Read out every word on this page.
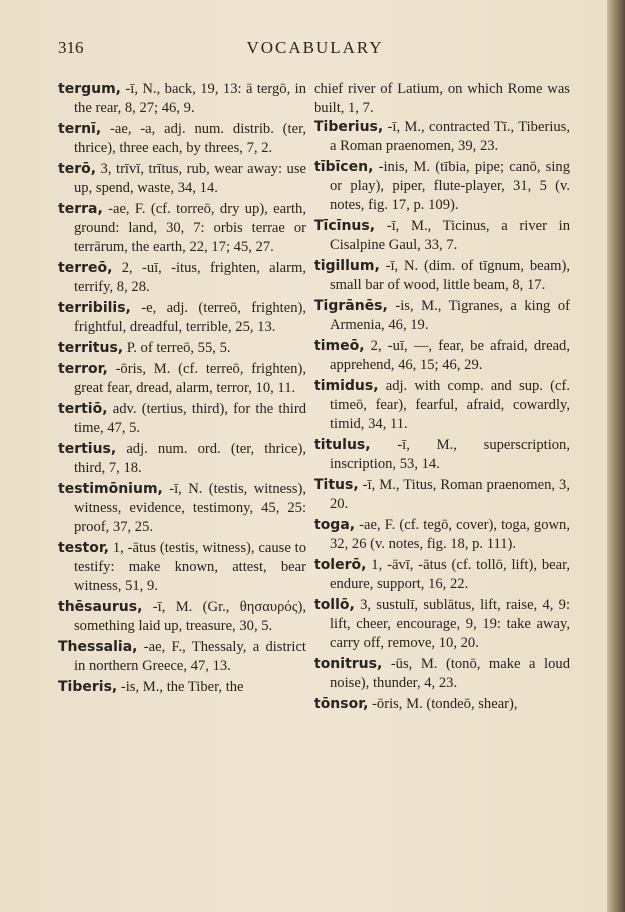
316	VOCABULARY
tergum, -ī, N., back, 19, 13: ā tergō, in the rear, 8, 27; 46, 9.
ternī, -ae, -a, adj. num. distrib. (ter, thrice), three each, by threes, 7, 2.
terō, 3, trīvī, trītus, rub, wear away: use up, spend, waste, 34, 14.
terra, -ae, F. (cf. torreō, dry up), earth, ground: land, 30, 7: orbis terrae or terrārum, the earth, 22, 17; 45, 27.
terreō, 2, -uī, -itus, frighten, alarm, terrify, 8, 28.
terribilis, -e, adj. (terreō, frighten), frightful, dreadful, terrible, 25, 13.
territus, P. of terreō, 55, 5.
terror, -ōris, M. (cf. terreō, frighten), great fear, dread, alarm, terror, 10, 11.
tertiō, adv. (tertius, third), for the third time, 47, 5.
tertius, adj. num. ord. (ter, thrice), third, 7, 18.
testimōnium, -ī, N. (testis, witness), witness, evidence, testimony, 45, 25: proof, 37, 25.
testor, 1, -ātus (testis, witness), cause to testify: make known, attest, bear witness, 51, 9.
thēsaurus, -ī, M. (Gr., θησαυρός), something laid up, treasure, 30, 5.
Thessalia, -ae, F., Thessaly, a district in northern Greece, 47, 13.
Tiberis, -is, M., the Tiber, the
chief river of Latium, on which Rome was built, 1, 7.
Tiberius, -ī, M., contracted Tī., Tiberius, a Roman praenomen, 39, 23.
tībīcen, -inis, M. (tībia, pipe; canō, sing or play), piper, flute-player, 31, 5 (v. notes, fig. 17, p. 109).
Tīcīnus, -ī, M., Ticinus, a river in Cisalpine Gaul, 33, 7.
tigillum, -ī, N. (dim. of tīgnum, beam), small bar of wood, little beam, 8, 17.
Tigrānēs, -is, M., Tigranes, a king of Armenia, 46, 19.
timeō, 2, -uī, —, fear, be afraid, dread, apprehend, 46, 15; 46, 29.
timidus, adj. with comp. and sup. (cf. timeō, fear), fearful, afraid, cowardly, timid, 34, 11.
titulus, -ī, M., superscription, inscription, 53, 14.
Titus, -ī, M., Titus, Roman praenomen, 3, 20.
toga, -ae, F. (cf. tegō, cover), toga, gown, 32, 26 (v. notes, fig. 18, p. 111).
tolerō, 1, -āvī, -ātus (cf. tollō, lift), bear, endure, support, 16, 22.
tollō, 3, sustulī, sublātus, lift, raise, 4, 9: lift, cheer, encourage, 9, 19: take away, carry off, remove, 10, 20.
tonitrus, -ūs, M. (tonō, make a loud noise), thunder, 4, 23.
tōnsor, -ōris, M. (tondeō, shear),
